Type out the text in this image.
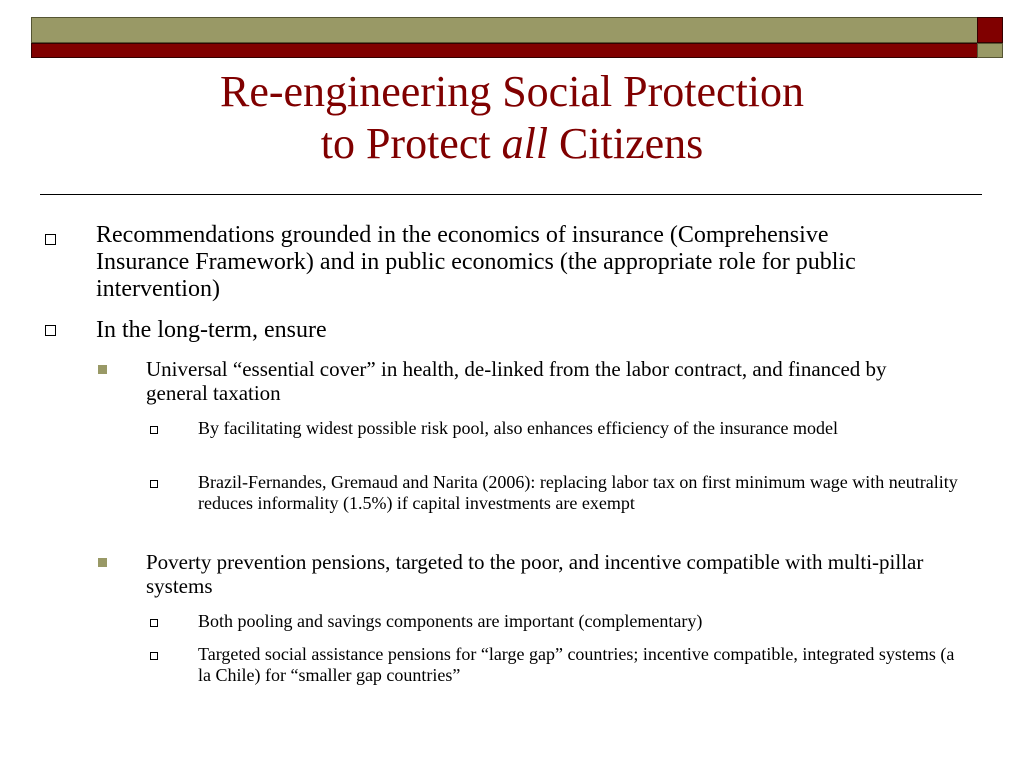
Re-engineering Social Protection
to Protect all Citizens
Recommendations grounded in the economics of insurance (Comprehensive Insurance Framework) and in public economics (the appropriate role for public intervention)
In the long-term, ensure
Universal “essential cover” in health, de-linked from the labor contract, and financed by general taxation
By facilitating widest possible risk pool, also enhances efficiency of the insurance model
Brazil-Fernandes, Gremaud and Narita (2006): replacing labor tax on first minimum wage with neutrality reduces informality (1.5%) if capital investments are exempt
Poverty prevention pensions, targeted to the poor, and incentive compatible with multi-pillar systems
Both pooling and savings components are important (complementary)
Targeted social assistance pensions for “large gap” countries; incentive compatible, integrated systems (a la Chile) for “smaller gap countries”
